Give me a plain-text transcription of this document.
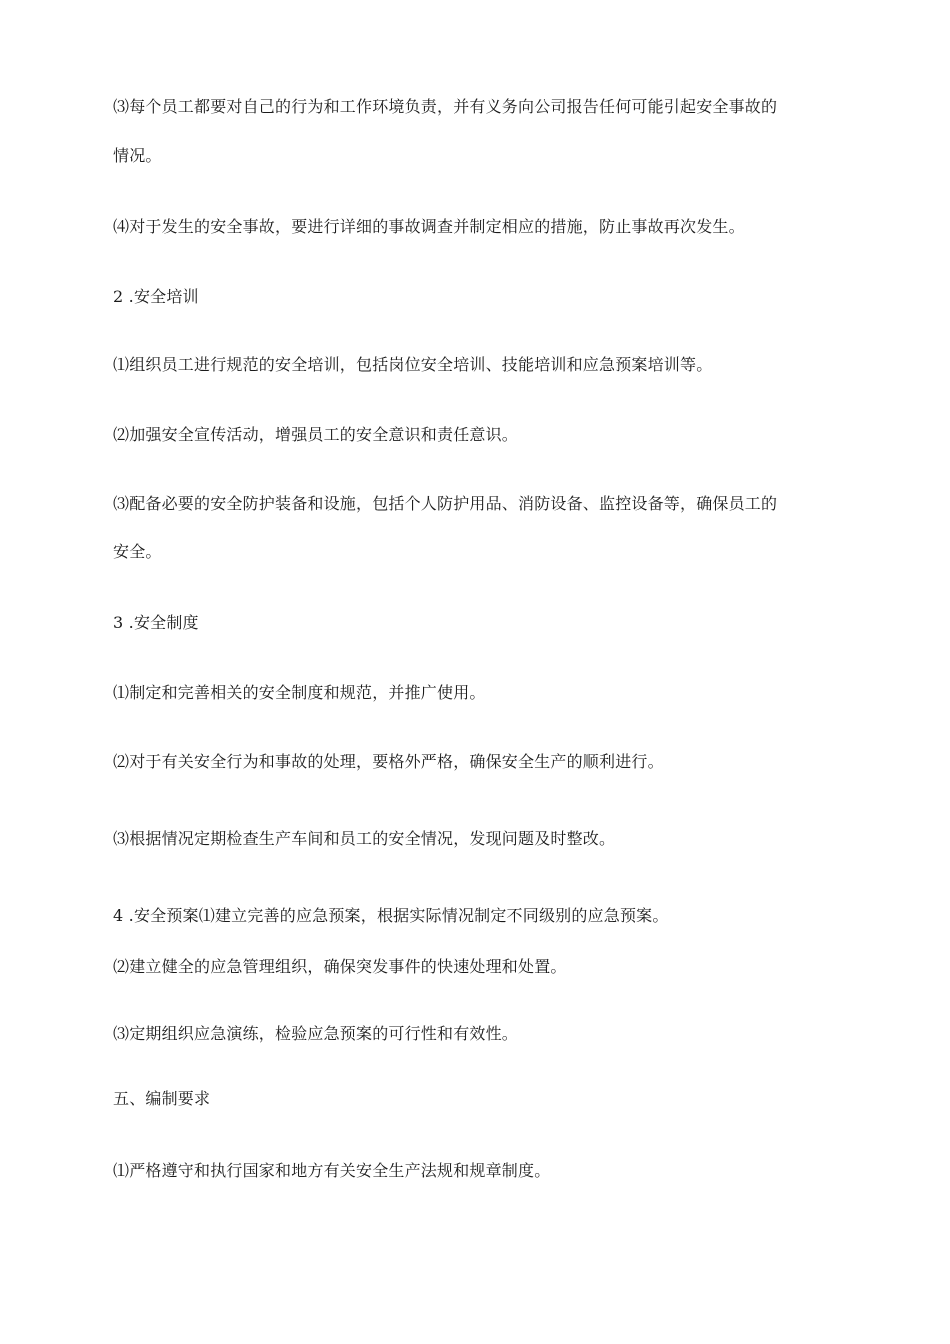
⑶每个员工都要对自己的行为和工作环境负责，并有义务向公司报告任何可能引起安全事故的
情况。
⑷对于发生的安全事故，要进行详细的事故调查并制定相应的措施，防止事故再次发生。
2 .安全培训
⑴组织员工进行规范的安全培训，包括岗位安全培训、技能培训和应急预案培训等。
⑵加强安全宣传活动，增强员工的安全意识和责任意识。
⑶配备必要的安全防护装备和设施，包括个人防护用品、消防设备、监控设备等，确保员工的
安全。
3 .安全制度
⑴制定和完善相关的安全制度和规范，并推广使用。
⑵对于有关安全行为和事故的处理，要格外严格，确保安全生产的顺利进行。
⑶根据情况定期检查生产车间和员工的安全情况，发现问题及时整改。
4 .安全预案⑴建立完善的应急预案，根据实际情况制定不同级别的应急预案。
⑵建立健全的应急管理组织，确保突发事件的快速处理和处置。
⑶定期组织应急演练，检验应急预案的可行性和有效性。
五、编制要求
⑴严格遵守和执行国家和地方有关安全生产法规和规章制度。
